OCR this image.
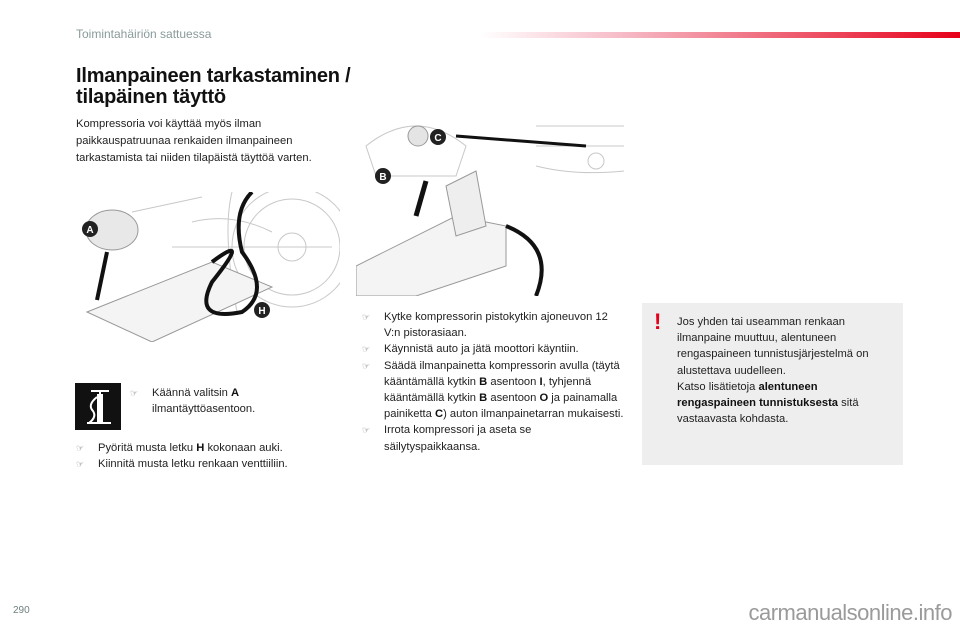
Toimintahäiriön sattuessa
Ilmanpaineen tarkastaminen /
tilapäinen täyttö
Kompressoria voi käyttää myös ilman paikkauspatruunaa renkaiden ilmanpaineen tarkastamista tai niiden tilapäistä täyttöä varten.
A
H
B
C
☞ Käännä valitsin A ilmantäyttöasentoon.
☞ Pyöritä musta letku H kokonaan auki.
☞ Kiinnitä musta letku renkaan venttiiliin.
☞ Kytke kompressorin pistokytkin ajoneuvon 12 V:n pistorasiaan.
☞ Käynnistä auto ja jätä moottori käyntiin.
☞ Säädä ilmanpainetta kompressorin avulla (täytä kääntämällä kytkin B asentoon I, tyhjennä kääntämällä kytkin B asentoon O ja painamalla painiketta C) auton ilmanpainetarran mukaisesti.
☞ Irrota kompressori ja aseta se säilytyspaikkaansa.
! Jos yhden tai useamman renkaan ilmanpaine muuttuu, alentuneen rengaspaineen tunnistusjärjestelmä on alustettava uudelleen.
Katso lisätietoja alentuneen rengaspaineen tunnistuksesta sitä vastaavasta kohdasta.
290	carmanualsonline.info
